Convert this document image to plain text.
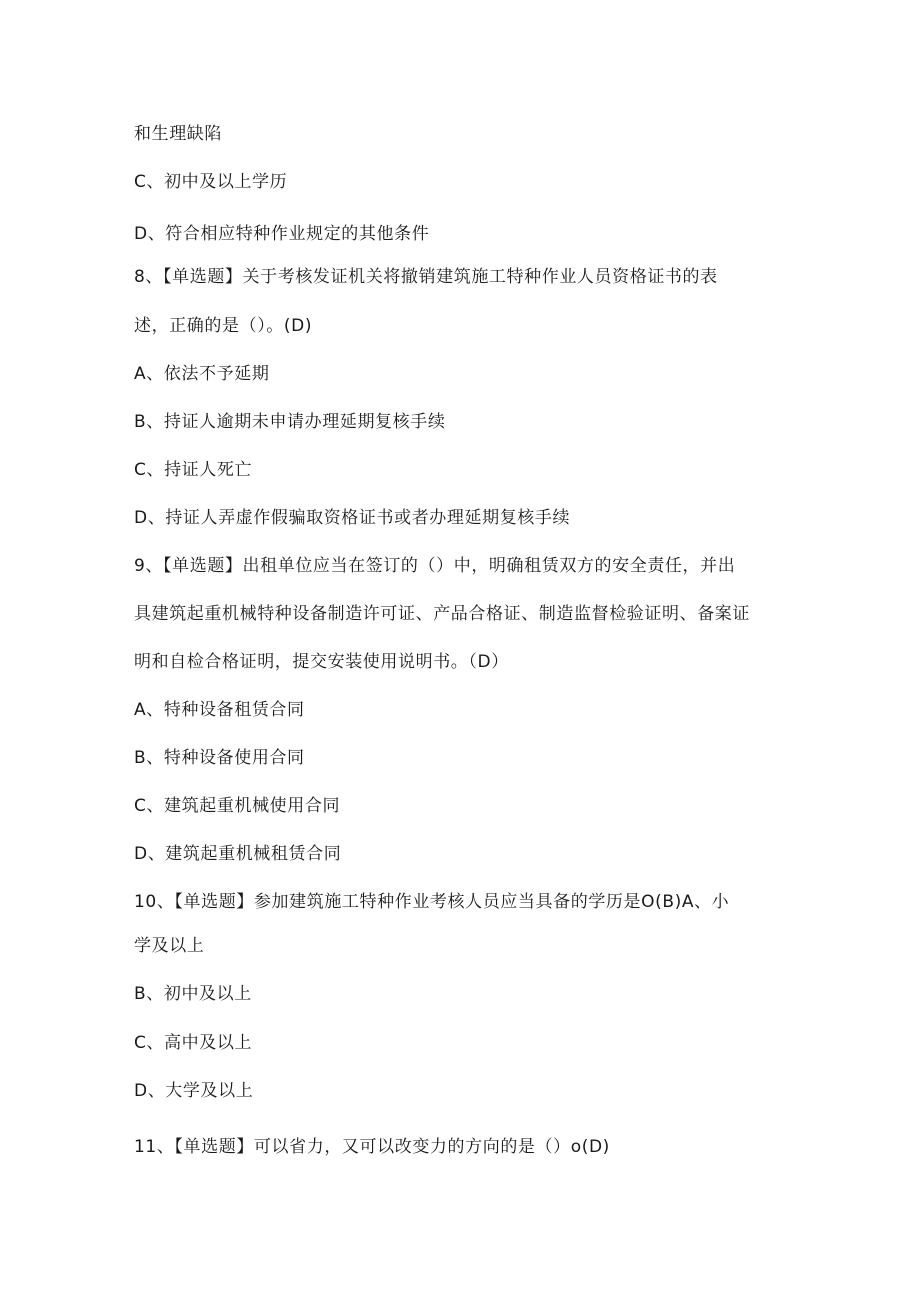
和生理缺陷
C、初中及以上学历
D、符合相应特种作业规定的其他条件
8、【单选题】关于考核发证机关将撤销建筑施工特种作业人员资格证书的表
述，正确的是（）。(D)
A、依法不予延期
B、持证人逾期未申请办理延期复核手续
C、持证人死亡
D、持证人弄虚作假骗取资格证书或者办理延期复核手续
9、【单选题】出租单位应当在签订的（）中，明确租赁双方的安全责任，并出
具建筑起重机械特种设备制造许可证、产品合格证、制造监督检验证明、备案证
明和自检合格证明，提交安装使用说明书。（D）
A、特种设备租赁合同
B、特种设备使用合同
C、建筑起重机械使用合同
D、建筑起重机械租赁合同
10、【单选题】参加建筑施工特种作业考核人员应当具备的学历是O(B)A、小
学及以上
B、初中及以上
C、高中及以上
D、大学及以上
11、【单选题】可以省力，又可以改变力的方向的是（）o(D)
